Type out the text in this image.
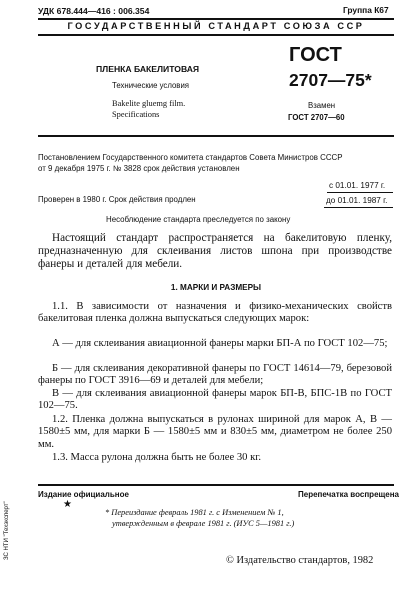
УДК 678.444—416 : 006.354	Группа К67
ГОСУДАРСТВЕННЫЙ СТАНДАРТ СОЮЗА ССР
ПЛЕНКА БАКЕЛИТОВАЯ
Технические условия
Bakelite gluemg film.
Specifications
ГОСТ
2707—75*
Взамен
ГОСТ 2707—60
Постановлением Государственного комитета стандартов Совета Министров СССР
от 9 декабря 1975 г. № 3828 срок действия установлен
с 01.01. 1977 г.
Проверен в 1980 г. Срок действия продлен	до 01.01. 1987 г.
Несоблюдение стандарта преследуется по закону
Настоящий стандарт распространяется на бакелитовую пленку, предназначенную для склеивания листов шпона при производстве фанеры и деталей для мебели.
1. МАРКИ И РАЗМЕРЫ
1.1. В зависимости от назначения и физико-механических свойств бакелитовая пленка должна выпускаться следующих марок:
А — для склеивания авиационной фанеры марки БП-А по ГОСТ 102—75;
Б — для склеивания декоративной фанеры по ГОСТ 14614—79, березовой фанеры по ГОСТ 3916—69 и деталей для мебели;
В — для склеивания авиационной фанеры марок БП-В, БПС-1В по ГОСТ 102—75.
1.2. Пленка должна выпускаться в рулонах шириной для марок А, В — 1580±5 мм, для марки Б — 1580±5 мм и 830±5 мм, диаметром не более 250 мм.
1.3. Масса рулона должна быть не более 30 кг.
Издание официальное	Перепечатка воспрещена
★
* Переиздание февраль 1981 г. с Изменением № 1,
утвержденным в феврале 1981 г. (ИУС 5—1981 г.)
© Издательство стандартов, 1982
ЗС НТИ "Техэксперт"
